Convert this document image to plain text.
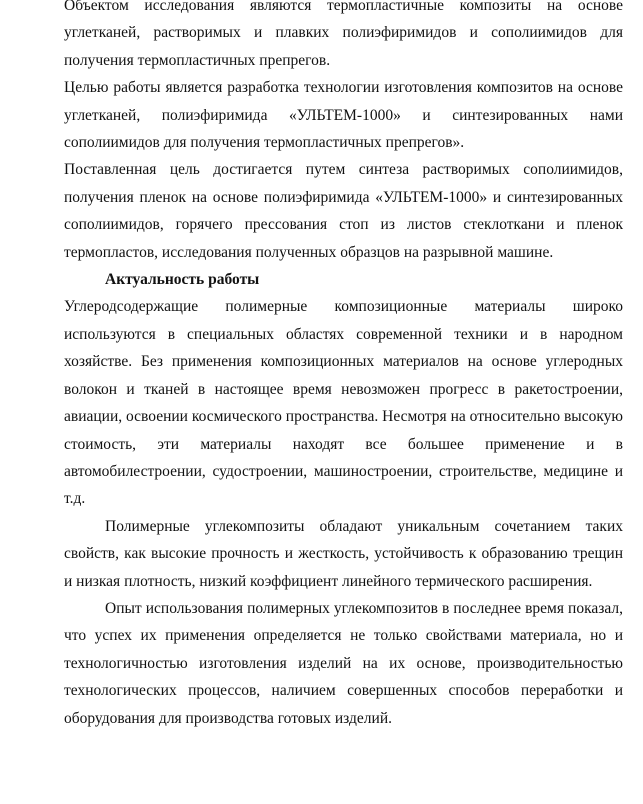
Объектом исследования являются термопластичные композиты на основе углетканей, растворимых и плавких полиэфиримидов и сополиимидов для получения термопластичных препрегов.

Целью работы является разработка технологии изготовления композитов на основе углетканей, полиэфиримида «УЛЬТЕМ-1000» и синтезированных нами сополиимидов для получения термопластичных препрегов».

Поставленная цель достигается путем синтеза растворимых сополиимидов, получения пленок на основе полиэфиримида «УЛЬТЕМ-1000» и синтезированных сополиимидов, горячего прессования стоп из листов стеклоткани и пленок термопластов, исследования полученных образцов на разрывной машине.

Актуальность работы

Углеродсодержащие полимерные композиционные материалы широко используются в специальных областях современной техники и в народном хозяйстве. Без применения композиционных материалов на основе углеродных волокон и тканей в настоящее время невозможен прогресс в ракетостроении, авиации, освоении космического пространства. Несмотря на относительно высокую стоимость, эти материалы находят все большее применение и в автомобилестроении, судостроении, машиностроении, строительстве, медицине и т.д.

Полимерные углекомпозиты обладают уникальным сочетанием таких свойств, как высокие прочность и жесткость, устойчивость к образованию трещин и низкая плотность, низкий коэффициент линейного термического расширения.

Опыт использования полимерных углекомпозитов в последнее время показал, что успех их применения определяется не только свойствами материала, но и технологичностью изготовления изделий на их основе, производительностью технологических процессов, наличием совершенных способов переработки и оборудования для производства готовых изделий.
